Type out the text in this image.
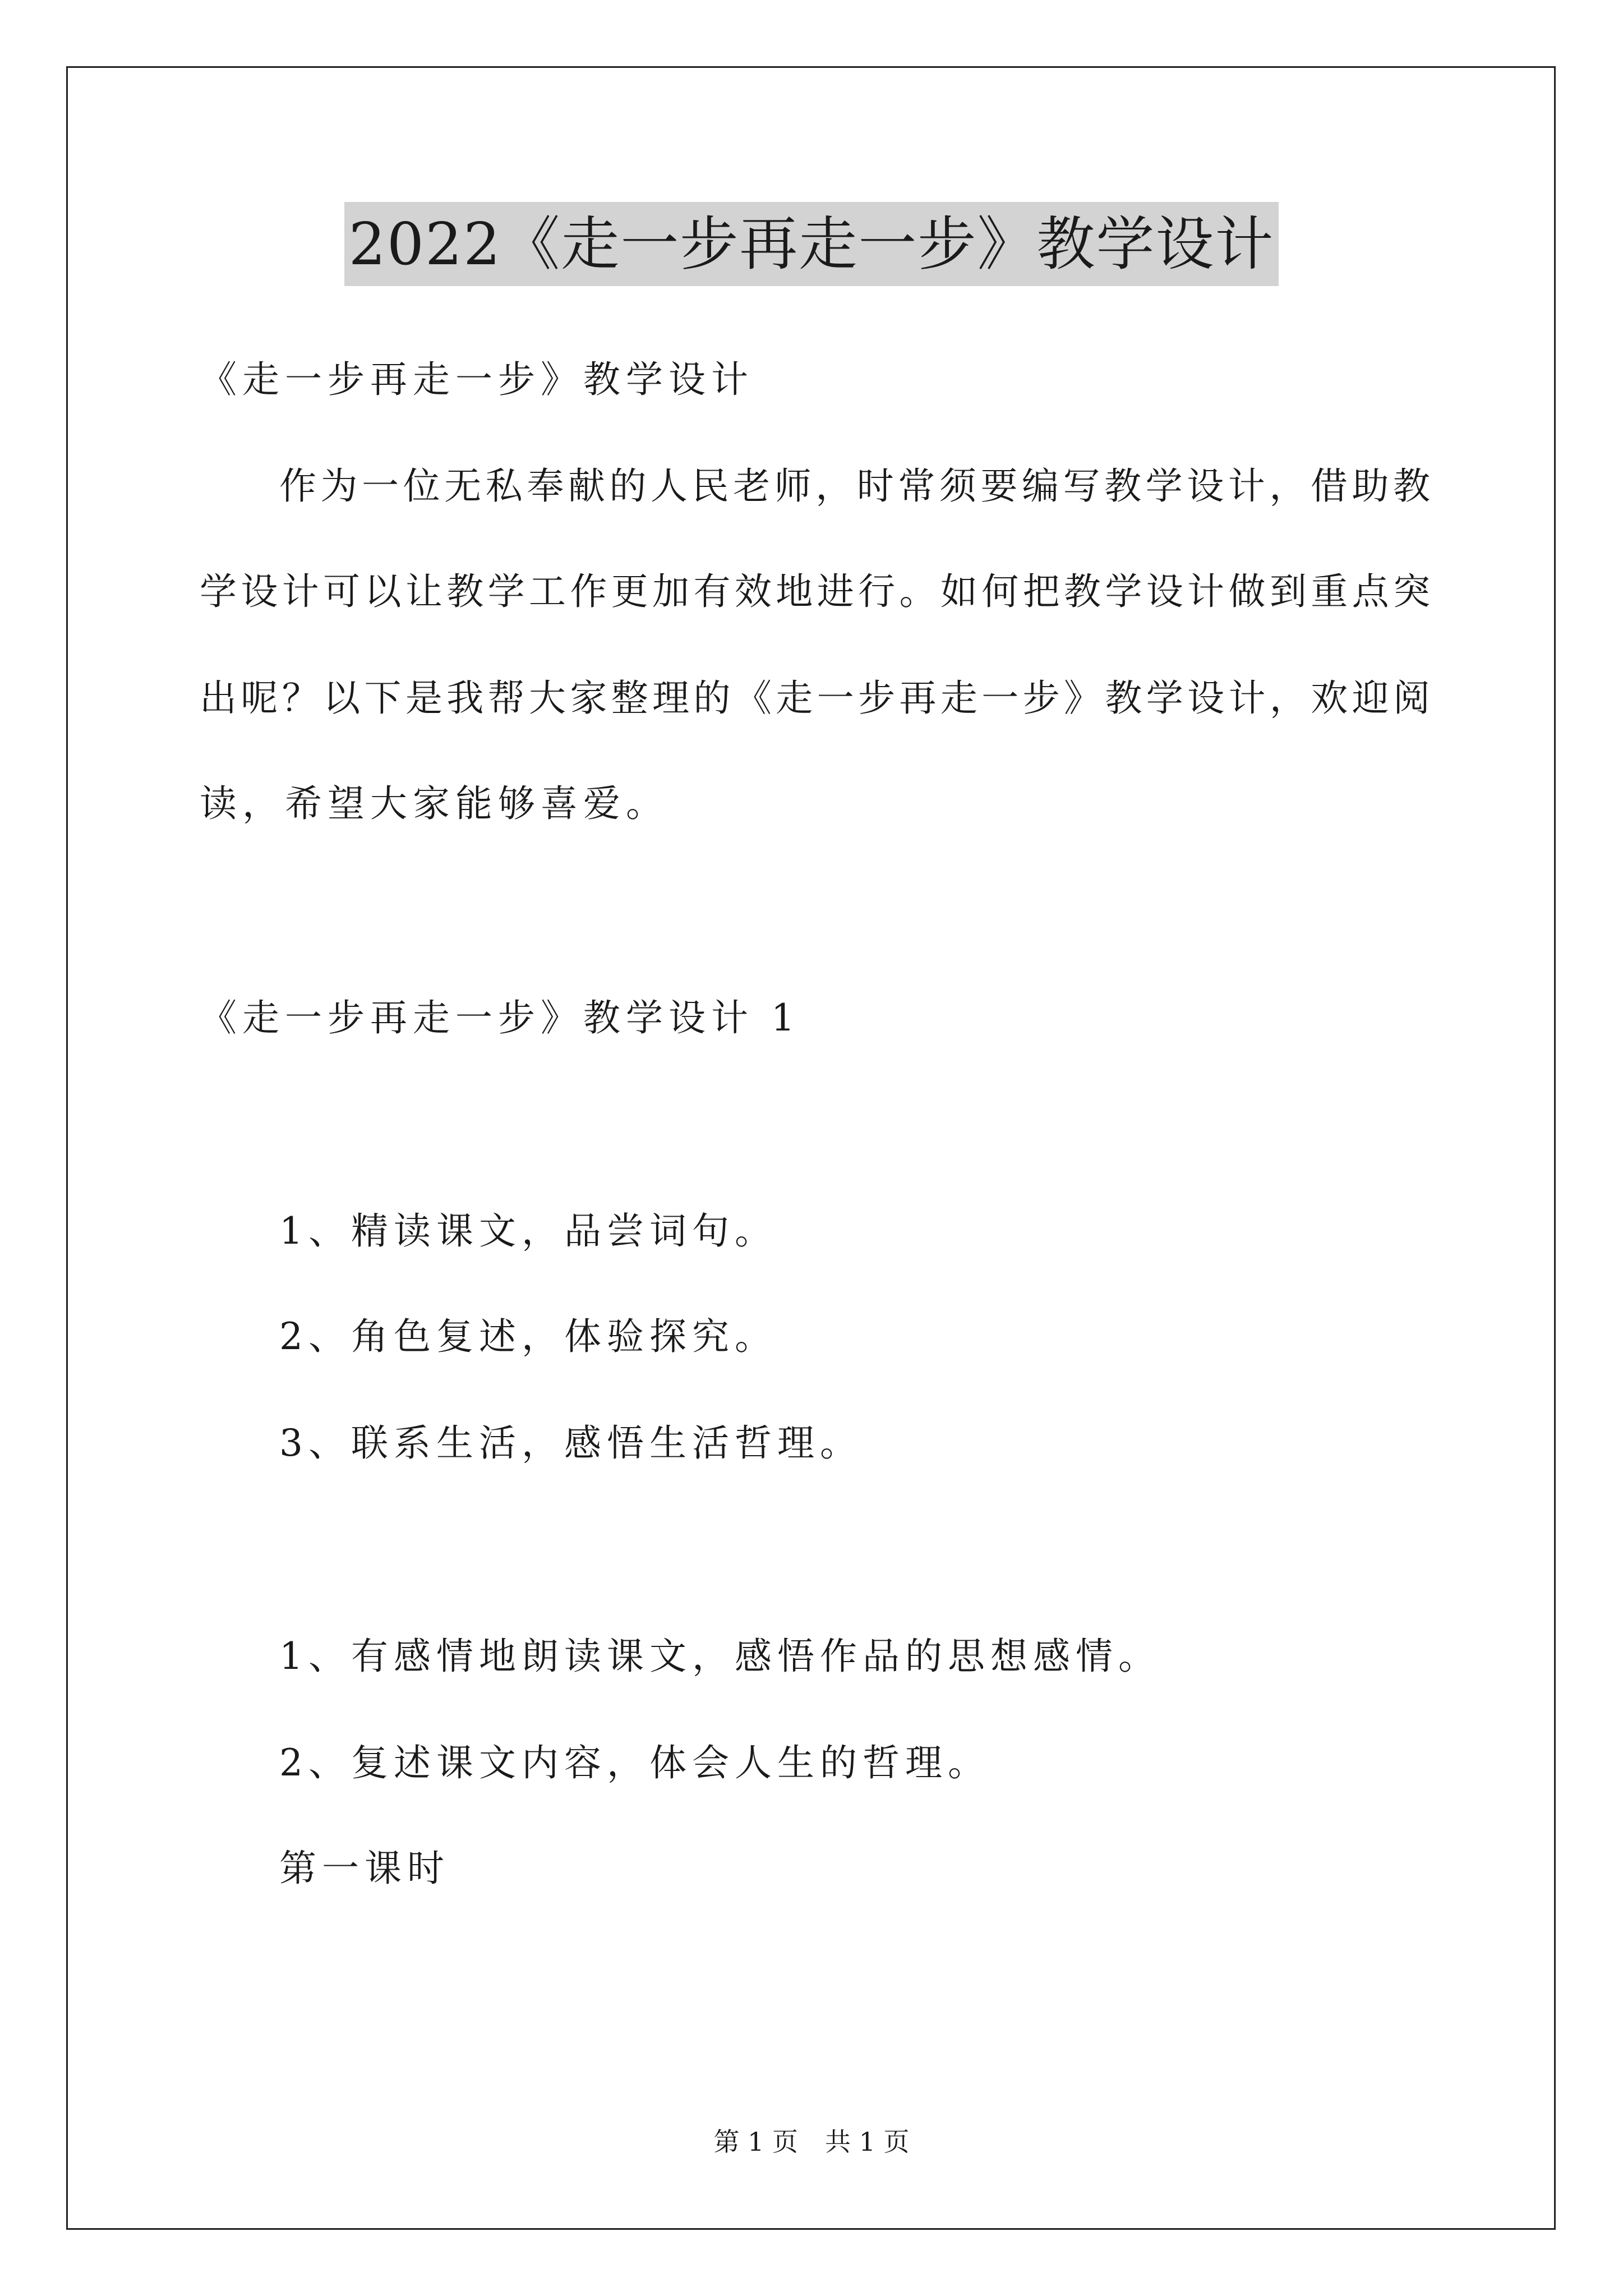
2022《走一步再走一步》教学设计
《走一步再走一步》教学设计
作为一位无私奉献的人民老师，时常须要编写教学设计，借助教
学设计可以让教学工作更加有效地进行。如何把教学设计做到重点突
出呢？以下是我帮大家整理的《走一步再走一步》教学设计，欢迎阅
读，希望大家能够喜爱。
《走一步再走一步》教学设计 1
1、精读课文，品尝词句。
2、角色复述，体验探究。
3、联系生活，感悟生活哲理。
1、有感情地朗读课文，感悟作品的思想感情。
2、复述课文内容，体会人生的哲理。
第一课时
第 1 页 共 1 页
